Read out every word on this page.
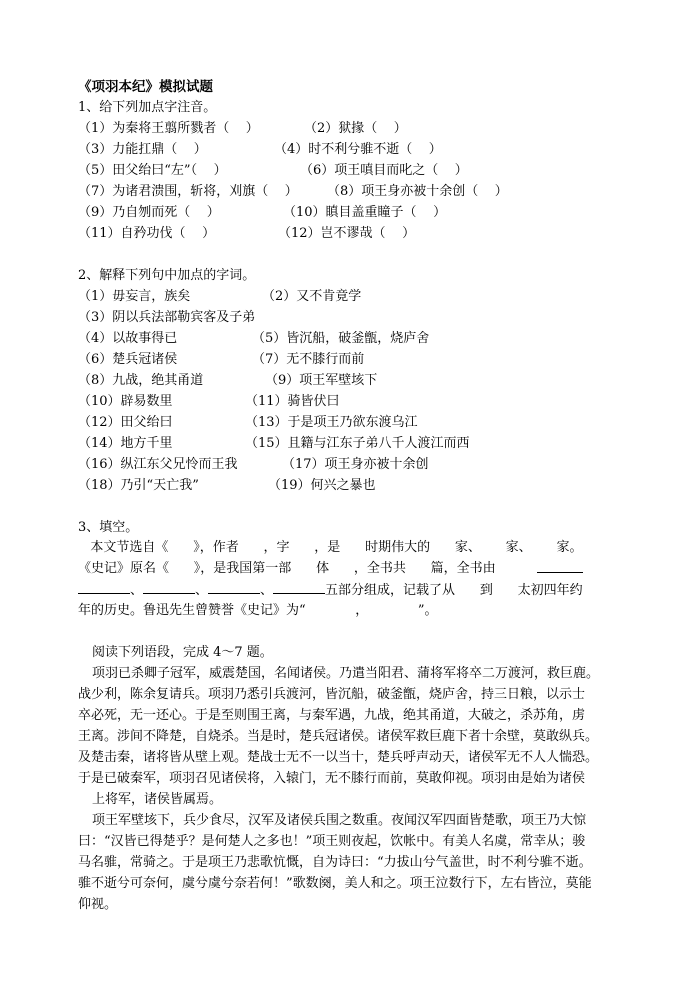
《项羽本纪》模拟试题
1、给下列加点字注音。
（1）为秦将王翦所戮者（    ）	（2）狱掾（    ）
（3）力能扛鼎（    ）	（4）时不利兮骓不逝（    ）
（5）田父绐曰“左”（    ）	（6）项王嗔目而叱之（    ）
（7）为诸君溃围，斩将，刈旗（    ） （8）项王身亦被十余创（    ）
（9）乃自刎而死（    ）	（10）瞋目盖重瞳子（    ）
（11）自矜功伐（    ）	（12）岂不谬哉（    ）
2、解释下列句中加点的字词。
（1）毋妄言，族矣	（2）又不肯竟学
（3）阴以兵法部勒宾客及子弟
（4）以故事得已	（5）皆沉船，破釜甑，烧庐舍
（6）楚兵冠诸侯	（7）无不膝行而前
（8）九战，绝其甬道	（9）项王军壁垓下
（10）辟易数里	（11）骑皆伏曰
（12）田父绐曰	（13）于是项王乃欲东渡乌江
（14）地方千里	（15）且籍与江东子弟八千人渡江而西
（16）纵江东父兄怜而王我	（17）项王身亦被十余创
（18）乃引“天亡我”	（19）何兴之暴也
3、填空。
本文节选自《      》，作者      ，字      ，是      时期伟大的      家、      家、      家。
《史记》原名《      》，是我国第一部      体      ，全书共      篇，全书由
、	、	、	五部分组成，记载了从      到      太初四年约
年的历史。鲁迅先生曾赞誉《史记》为“            ，            ”。
阅读下列语段，完成 4～7 题。
项羽已杀卿子冠军，威震楚国，名闻诸侯。乃遣当阳君、蒲将军将卒二万渡河，救巨鹿。
战少利，陈余复请兵。项羽乃悉引兵渡河，皆沉船，破釜甑，烧庐舍，持三日粮，以示士
卒必死，无一还心。于是至则围王离，与秦军遇，九战，绝其甬道，大破之，杀苏角，虏
王离。涉间不降楚，自烧杀。当是时，楚兵冠诸侯。诸侯军救巨鹿下者十余壁，莫敢纵兵。
及楚击秦，诸将皆从壁上观。楚战士无不一以当十，楚兵呼声动天，诸侯军无不人人惴恐。
于是已破秦军，项羽召见诸侯将，入辕门，无不膝行而前，莫敢仰视。项羽由是始为诸侯
上将军，诸侯皆属焉。
项王军壁垓下，兵少食尽，汉军及诸侯兵围之数重。夜闻汉军四面皆楚歌，项王乃大惊
曰：“汉皆已得楚乎？是何楚人之多也！”项王则夜起，饮帐中。有美人名虞，常幸从；骏
马名骓，常骑之。于是项王乃悲歌忼慨，自为诗曰：“力拔山兮气盖世，时不利兮骓不逝。
骓不逝兮可奈何，虞兮虞兮奈若何！”歌数阕，美人和之。项王泣数行下，左右皆泣，莫能
仰视。
